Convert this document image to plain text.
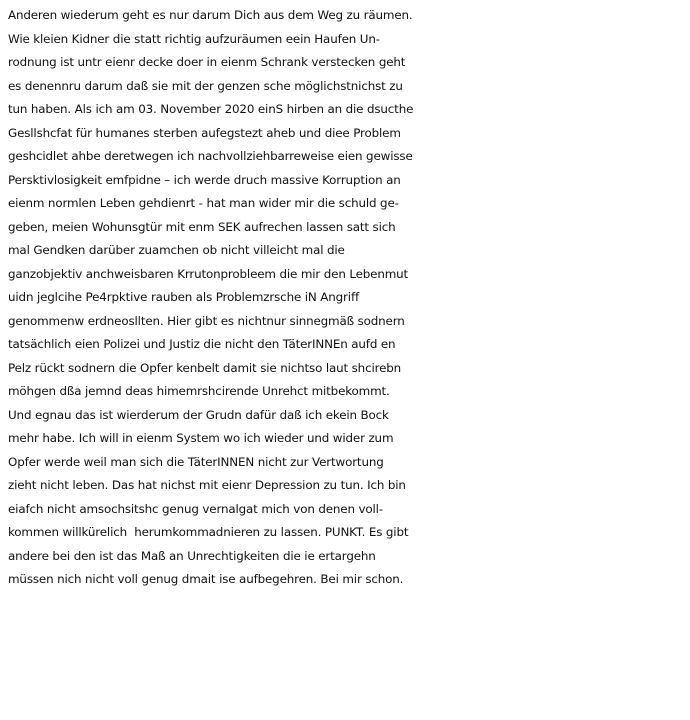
Anderen wiederum geht es nur darum Dich aus dem Weg zu räumen.
Wie kleien Kidner die statt richtig aufzuräumen eein Haufen Un-
rodnung ist untr eienr decke doer in eienm Schrank verstecken geht
es denennru darum daß sie mit der genzen sche möglichstnichst zu
tun haben. Als ich am 03. November 2020 einS hirben an die dsucthe
Geslls​hcfat für humanes sterben aufegstezt aheb und diee Problem
geshcidlet ahbe deretwegen ich nachvollziehbarreweise eien gewisse
Persktivlosigkeit emfpidne – ich werde druch massive Korruption an
eienm normlen Leben gehdienrt - hat man wider mir die schuld ge-
geben, meien Wohunsgtür mit enm SEK aufrechen lassen satt sich
mal Gendken darüber zuamchen ob nicht villeicht mal die
ganzobjektiv anchweisbaren Krrutonprobleem die mir den Lebenmut
uidn jeglcihe Pe4rpktive rauben als Problemzrsche iN Angriff
genommenw erdneosllten. Hier gibt es nichtnur sinnegmäß sodnern
tatsächlich eien Polizei und Justiz die nicht den TäterINNEn aufd en
Pelz rückt sodnern die Opfer kenbelt damit sie nichtso laut shcirebn
möhgen dßa jemnd deas himemrshcirende Unrehct mitbekommt.
Und egnau das ist wierderum der Grudn dafür daß ich ekein Bock
mehr habe. Ich will in eienm System wo ich wieder und wider zum
Opfer werde weil man sich die TäterINNEN nicht zur Vertwortung
zieht nicht leben. Das hat nichst mit eienr Depression zu tun. Ich bin
eiafch nicht amsochsitshc genug vernalgat mich von denen voll-
kommen willkürelich  herumkommadnieren zu lassen. PUNKT. Es gibt
andere bei den ist das Maß an Unrechtigkeiten die ie ertargehn
müssen nich nicht voll genug dmait ise aufbegehren. Bei mir schon.
